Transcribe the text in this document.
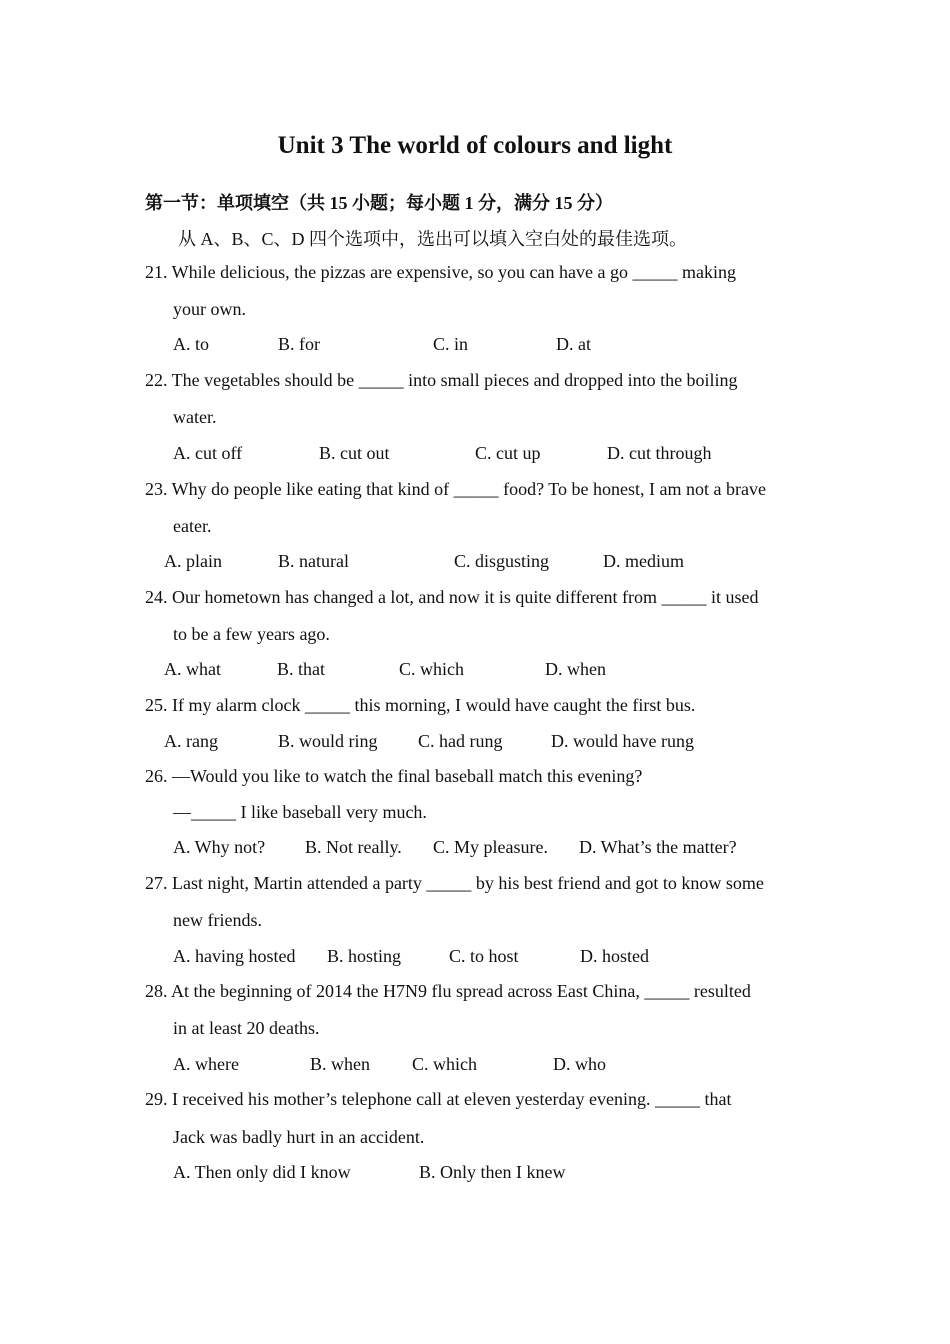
Unit 3 The world of colours and light
第一节：单项填空（共 15 小题；每小题 1 分，满分 15 分）
从 A、B、C、D 四个选项中，选出可以填入空白处的最佳选项。
21. While delicious, the pizzas are expensive, so you can have a go _____ making
your own.
A. to	B. for	C. in	D. at
22. The vegetables should be _____ into small pieces and dropped into the boiling
water.
A. cut off	B. cut out	C. cut up	D. cut through
23. Why do people like eating that kind of _____ food? To be honest, I am not a brave
eater.
A. plain	B. natural	C. disgusting	D. medium
24. Our hometown has changed a lot, and now it is quite different from _____ it used
to be a few years ago.
A. what	B. that	C. which	D. when
25. If my alarm clock _____ this morning, I would have caught the first bus.
A. rang	B. would ring C. had rung	D. would have rung
26. —Would you like to watch the final baseball match this evening?
—_____ I like baseball very much.
A. Why not? B. Not really. C. My pleasure. D. What’s the matter?
27. Last night, Martin attended a party _____ by his best friend and got to know some
new friends.
A. having hosted B. hosting	C. to host	D. hosted
28. At the beginning of 2014 the H7N9 flu spread across East China, _____ resulted
in at least 20 deaths.
A. where	B. when C. which	D. who
29. I received his mother’s telephone call at eleven yesterday evening. _____ that
Jack was badly hurt in an accident.
A. Then only did I know	B. Only then I knew
